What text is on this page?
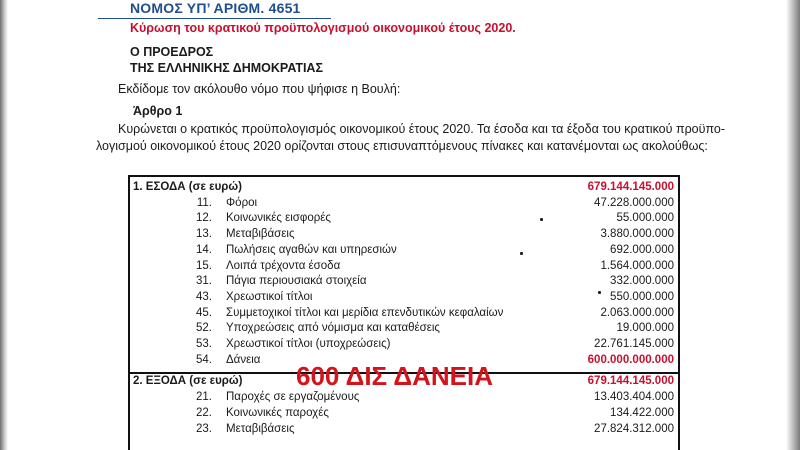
ΝΟΜΟΣ ΥΠ’ ΑΡΙΘΜ. 4651
Κύρωση του κρατικού προϋπολογισμού οικονομικού έτους 2020.
Ο ΠΡΟΕΔΡΟΣ
ΤΗΣ ΕΛΛΗΝΙΚΗΣ ΔΗΜΟΚΡΑΤΙΑΣ
Εκδίδομε τον ακόλουθο νόμο που ψήφισε η Βουλή:
Άρθρο 1
Κυρώνεται ο κρατικός προϋπολογισμός οικονομικού έτους 2020. Τα έσοδα και τα έξοδα του κρατικού προϋπο-λογισμού οικονομικού έτους 2020 ορίζονται στους επισυναπτόμενους πίνακες και κατανέμονται ως ακολούθως:
1. ΕΣΟΔΑ (σε ευρώ)	679.144.145.000
11. Φόροι	47.228.000.000
12. Κοινωνικές εισφορές	55.000.000
13. Μεταβιβάσεις	3.880.000.000
14. Πωλήσεις αγαθών και υπηρεσιών	692.000.000
15. Λοιπά τρέχοντα έσοδα	1.564.000.000
31. Πάγια περιουσιακά στοιχεία	332.000.000
43. Χρεωστικοί τίτλοι	550.000.000
45. Συμμετοχικοί τίτλοι και μερίδια επενδυτικών κεφαλαίων	2.063.000.000
52. Υποχρεώσεις από νόμισμα και καταθέσεις	19.000.000
53. Χρεωστικοί τίτλοι (υποχρεώσεις)	22.761.145.000
54. Δάνεια	600.000.000.000
2. ΕΞΟΔΑ (σε ευρώ)	679.144.145.000
21. Παροχές σε εργαζομένους	13.403.404.000
22. Κοινωνικές παροχές	134.422.000
23. Μεταβιβάσεις	27.824.312.000
600 ΔΙΣ ΔΑΝΕΙΑ
